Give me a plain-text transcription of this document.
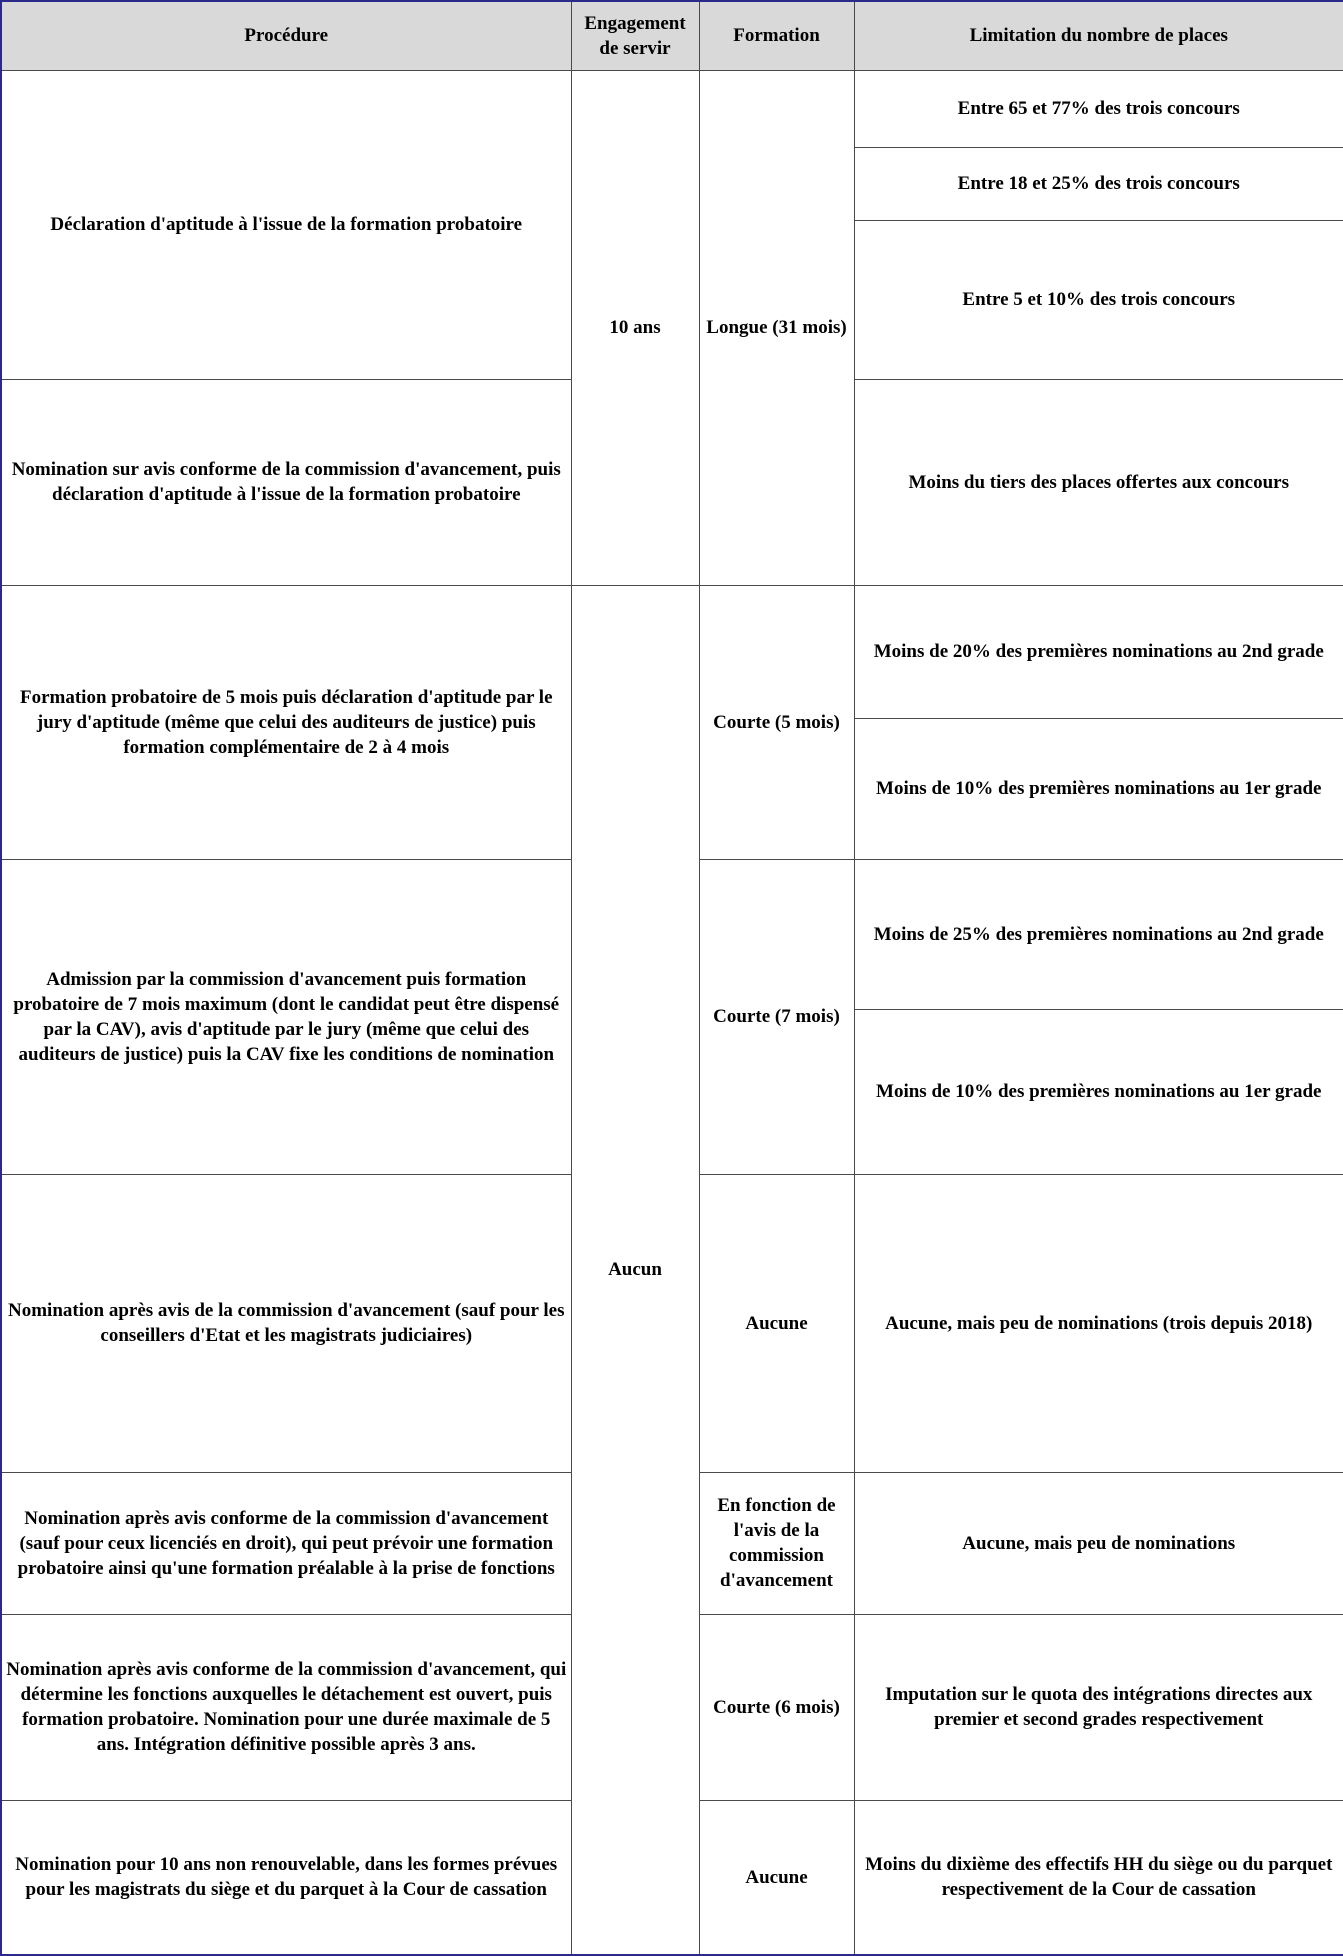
Procédure	Engagement de servir	Formation	Limitation du nombre de places
Déclaration d'aptitude à l'issue de la formation probatoire	10 ans	Longue (31 mois)	Entre 65 et 77% des trois concours
			Entre 18 et 25% des trois concours
			Entre 5 et 10% des trois concours
Nomination sur avis conforme de la commission d'avancement, puis déclaration d'aptitude à l'issue de la formation probatoire			Moins du tiers des places offertes aux concours
Formation probatoire de 5 mois puis déclaration d'aptitude par le jury d'aptitude (même que celui des auditeurs de justice) puis formation complémentaire de 2 à 4 mois	Aucun	Courte (5 mois)	Moins de 20% des premières nominations au 2nd grade
			Moins de 10% des premières nominations au 1er grade
Admission par la commission d'avancement puis formation probatoire de 7 mois maximum (dont le candidat peut être dispensé par la CAV), avis d'aptitude par le jury (même que celui des auditeurs de justice) puis la CAV fixe les conditions de nomination		Courte (7 mois)	Moins de 25% des premières nominations au 2nd grade
			Moins de 10% des premières nominations au 1er grade
Nomination après avis de la commission d'avancement (sauf pour les conseillers d'Etat et les magistrats judiciaires)		Aucune	Aucune, mais peu de nominations (trois depuis 2018)
Nomination après avis conforme de la commission d'avancement (sauf pour ceux licenciés en droit), qui peut prévoir une formation probatoire ainsi qu'une formation préalable à la prise de fonctions		En fonction de l'avis de la commission d'avancement	Aucune, mais peu de nominations
Nomination après avis conforme de la commission d'avancement, qui détermine les fonctions auxquelles le détachement est ouvert, puis formation probatoire. Nomination pour une durée maximale de 5 ans. Intégration définitive possible après 3 ans.		Courte (6 mois)	Imputation sur le quota des intégrations directes aux premier et second grades respectivement
Nomination pour 10 ans non renouvelable, dans les formes prévues pour les magistrats du siège et du parquet à la Cour de cassation		Aucune	Moins du dixième des effectifs HH du siège ou du parquet respectivement de la Cour de cassation
